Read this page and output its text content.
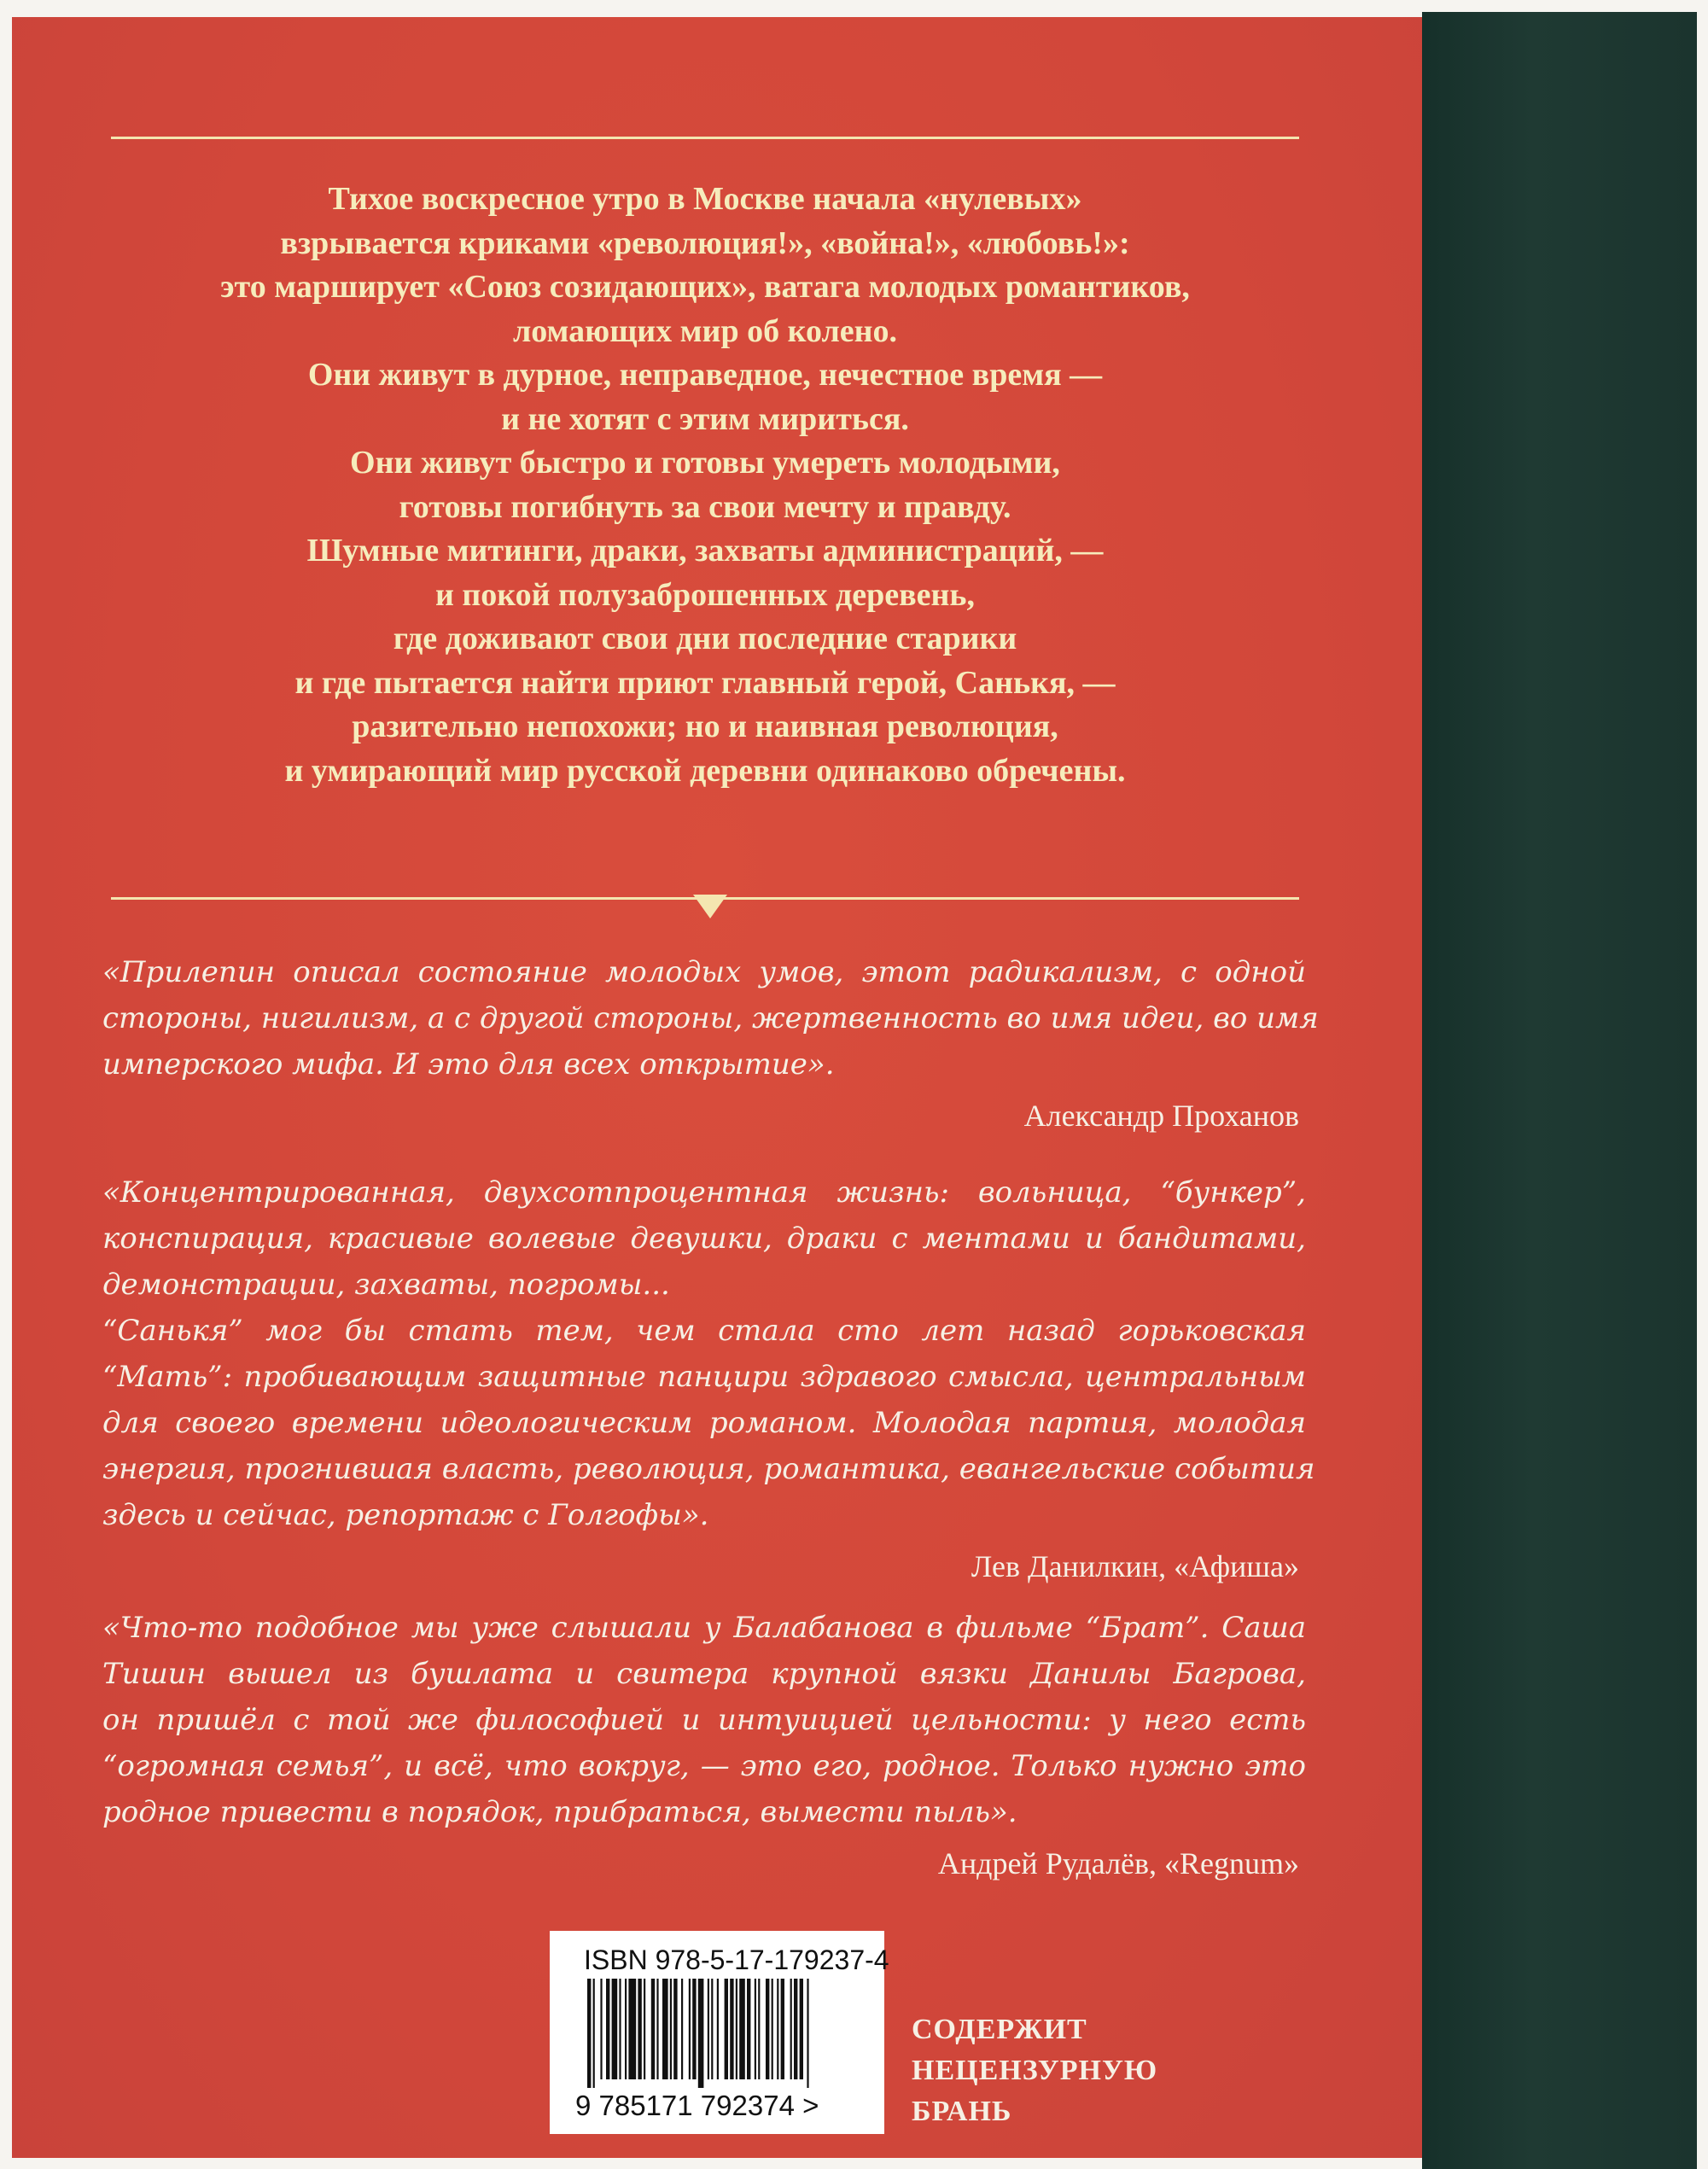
Тихое воскресное утро в Москве начала «нулевых»
взрывается криками «революция!», «война!», «любовь!»:
это марширует «Союз созидающих», ватага молодых романтиков,
ломающих мир об колено.
Они живут в дурное, неправедное, нечестное время —
и не хотят с этим мириться.
Они живут быстро и готовы умереть молодыми,
готовы погибнуть за свои мечту и правду.
Шумные митинги, драки, захваты администраций, —
и покой полузаброшенных деревень,
где доживают свои дни последние старики
и где пытается найти приют главный герой, Санькя, —
разительно непохожи; но и наивная революция,
и умирающий мир русской деревни одинаково обречены.
«Прилепин описал состояние молодых умов, этот радикализм, с одной
стороны, нигилизм, а с другой стороны, жертвенность во имя идеи, во имя
имперского мифа. И это для всех открытие».
Александр Проханов
«Концентрированная, двухсотпроцентная жизнь: вольница, “бункер”,
конспирация, красивые волевые девушки, драки с ментами и бандитами,
демонстрации, захваты, погромы...
“Санькя” мог бы стать тем, чем стала сто лет назад горьковская
“Мать”: пробивающим защитные панцири здравого смысла, центральным
для своего времени идеологическим романом. Молодая партия, молодая
энергия, прогнившая власть, революция, романтика, евангельские события
здесь и сейчас, репортаж с Голгофы».
Лев Данилкин, «Афиша»
«Что-то подобное мы уже слышали у Балабанова в фильме “Брат”. Саша
Тишин вышел из бушлата и свитера крупной вязки Данилы Багрова,
он пришёл с той же философией и интуицией цельности: у него есть
“огромная семья”, и всё, что вокруг, — это его, родное. Только нужно это
родное привести в порядок, прибраться, вымести пыль».
Андрей Рудалёв, «Regnum»
ISBN 978-5-17-179237-4
9 785171 792374 >
СОДЕРЖИТ
НЕЦЕНЗУРНУЮ
БРАНЬ
